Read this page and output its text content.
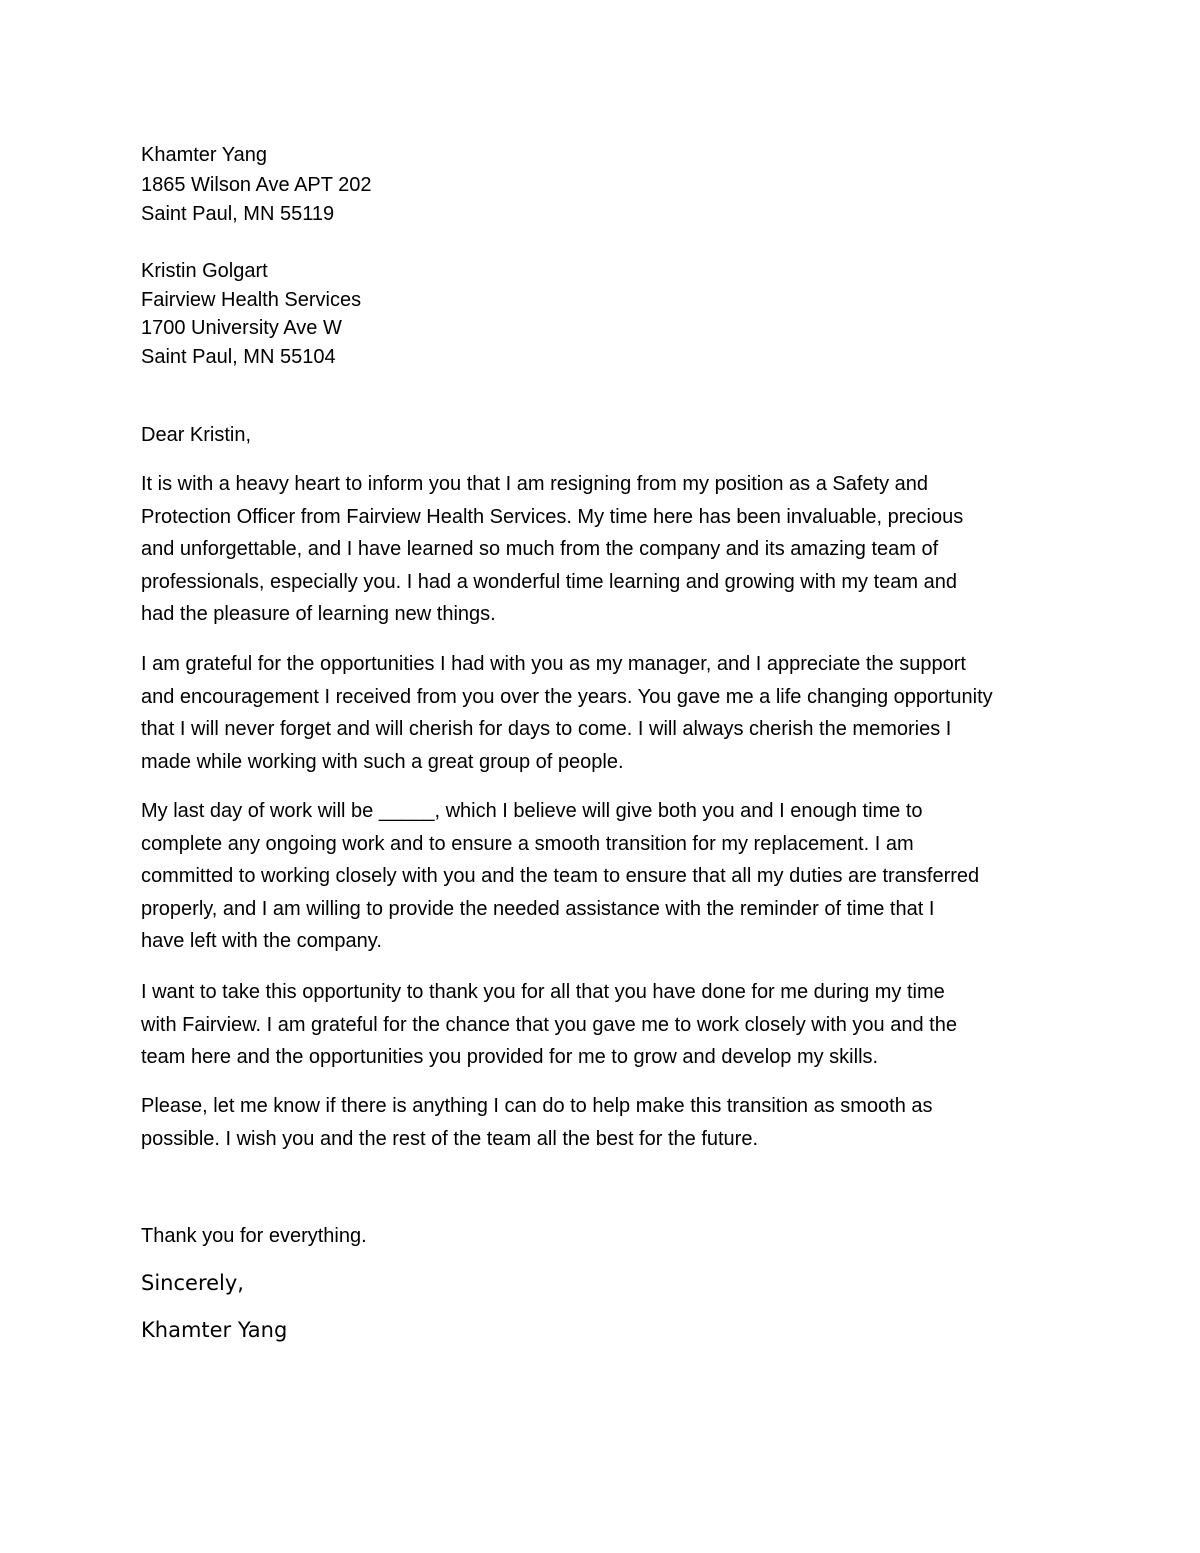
Khamter Yang
1865 Wilson Ave APT 202
Saint Paul, MN 55119
Kristin Golgart
Fairview Health Services
1700 University Ave W
Saint Paul, MN 55104
Dear Kristin,
It is with a heavy heart to inform you that I am resigning from my position as a Safety and
Protection Officer from Fairview Health Services. My time here has been invaluable, precious
and unforgettable, and I have learned so much from the company and its amazing team of
professionals, especially you. I had a wonderful time learning and growing with my team and
had the pleasure of learning new things.
I am grateful for the opportunities I had with you as my manager, and I appreciate the support
and encouragement I received from you over the years. You gave me a life changing opportunity
that I will never forget and will cherish for days to come. I will always cherish the memories I
made while working with such a great group of people.
My last day of work will be _____, which I believe will give both you and I enough time to
complete any ongoing work and to ensure a smooth transition for my replacement. I am
committed to working closely with you and the team to ensure that all my duties are transferred
properly, and I am willing to provide the needed assistance with the reminder of time that I
have left with the company.
I want to take this opportunity to thank you for all that you have done for me during my time
with Fairview. I am grateful for the chance that you gave me to work closely with you and the
team here and the opportunities you provided for me to grow and develop my skills.
Please, let me know if there is anything I can do to help make this transition as smooth as
possible. I wish you and the rest of the team all the best for the future.
Thank you for everything.
Sincerely,
Khamter Yang
